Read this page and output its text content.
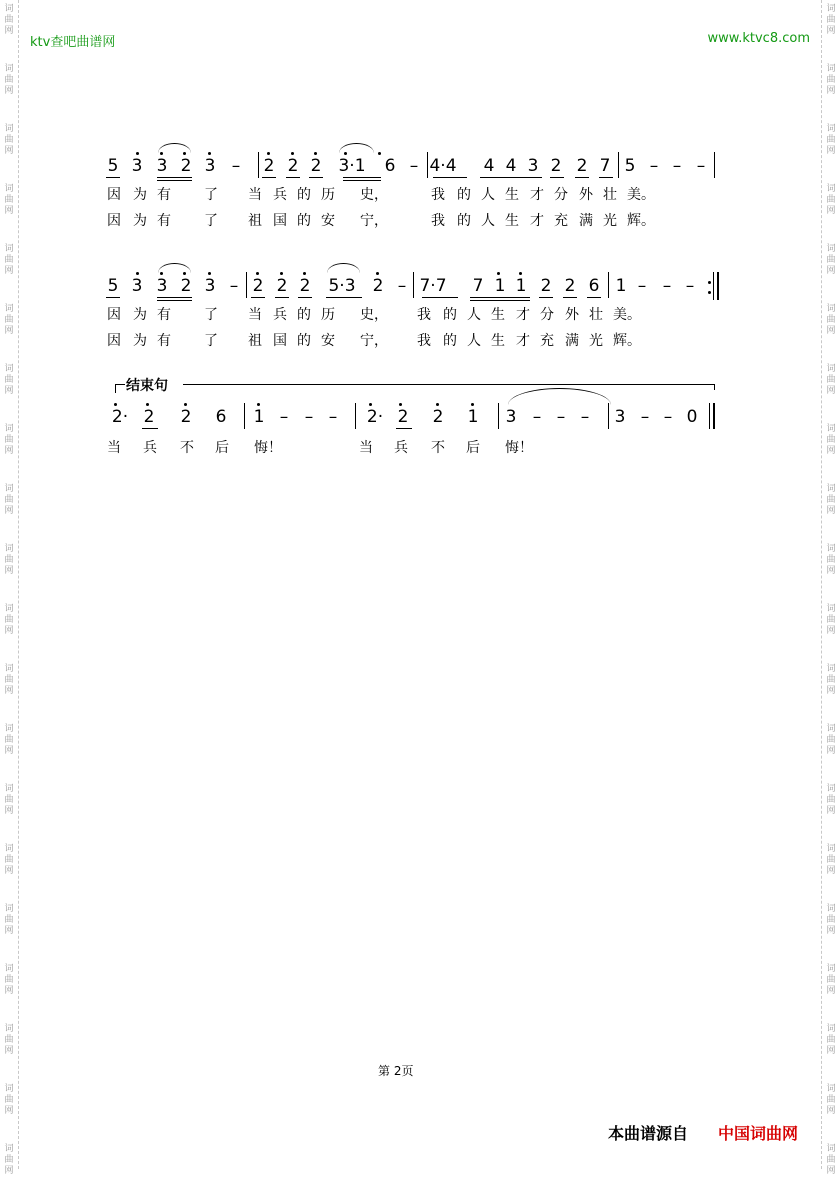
词
曲
网
词
曲
网
词
曲
网
词
曲
网
词
曲
网
词
曲
网
词
曲
网
词
曲
网
词
曲
网
词
曲
网
词
曲
网
词
曲
网
词
曲
网
词
曲
网
词
曲
网
词
曲
网
词
曲
网
词
曲
网
词
曲
网
词
曲
网
词
曲
网
词
曲
网
词
曲
网
词
曲
网
词
曲
网
词
曲
网
词
曲
网
词
曲
网
词
曲
网
词
曲
网
词
曲
网
词
曲
网
词
曲
网
词
曲
网
词
曲
网
词
曲
网
词
曲
网
词
曲
网
词
曲
网
词
曲
网
ktv查吧曲谱网	www.ktvc8.com
5 3 3 2 3 – 2 2 2 3·1 6 – 4·4 4 4 3 2 2 7 5 – – –
因 为 有 了 当 兵 的 历 史，	我 的 人 生 才 分 外 壮 美。
因 为 有 了 祖 国 的 安 宁，	我 的 人 生 才 充 满 光 辉。
5 3 3 2 3 – 2 2 2 5·3 2 – 7·7 7 1 1 2 2 6 1 – – –
因 为 有 了 当 兵 的 历 史， 我 的 人 生 才 分 外 壮 美。
因 为 有 了 祖 国 的 安 宁， 我 的 人 生 才 充 满 光 辉。
2· 2 2 6 1 – – – 2· 2 2 1 3 – – – 3 – – 0
当 兵 不 后 悔！	当 兵 不 后 悔！
结束句
第 2页
本曲谱源自 中国词曲网
